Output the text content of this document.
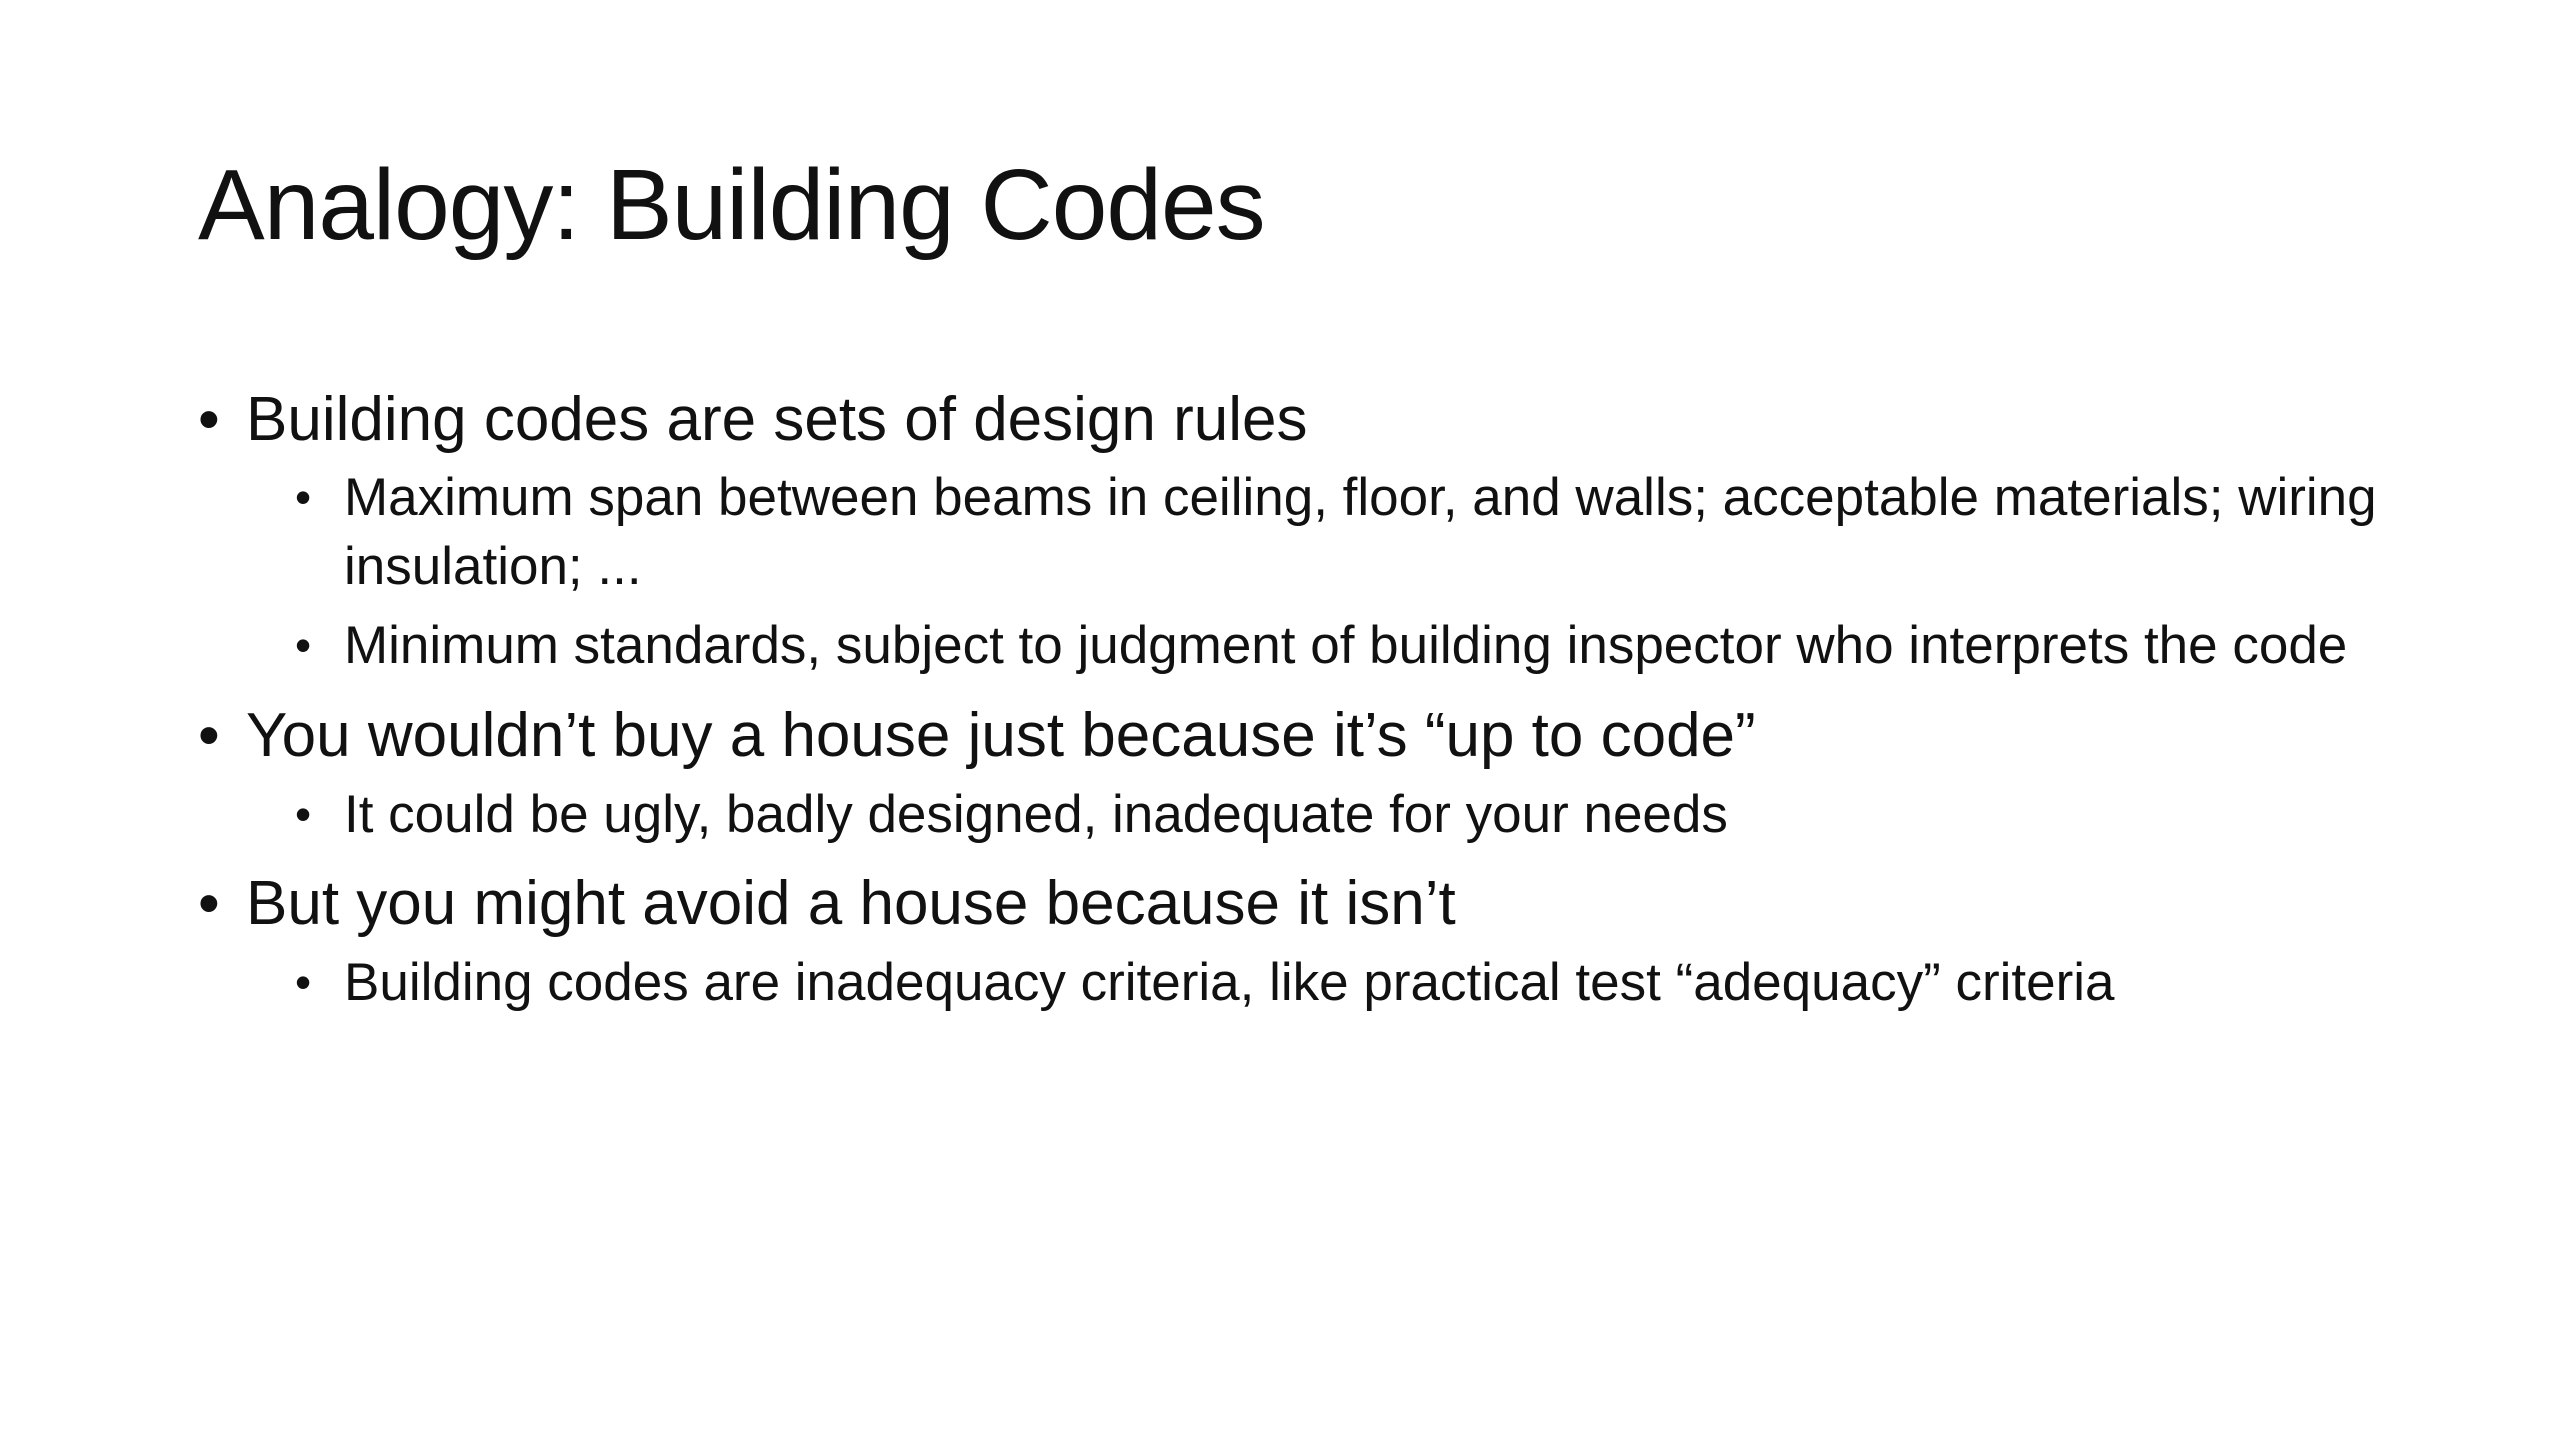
Analogy: Building Codes
• Building codes are sets of design rules
• Maximum span between beams in ceiling, floor, and walls; acceptable materials; wiring insulation; ...
• Minimum standards, subject to judgment of building inspector who interprets the code
• You wouldn’t buy a house just because it’s “up to code”
• It could be ugly, badly designed, inadequate for your needs
• But you might avoid a house because it isn’t
• Building codes are inadequacy criteria, like practical test “adequacy” criteria
